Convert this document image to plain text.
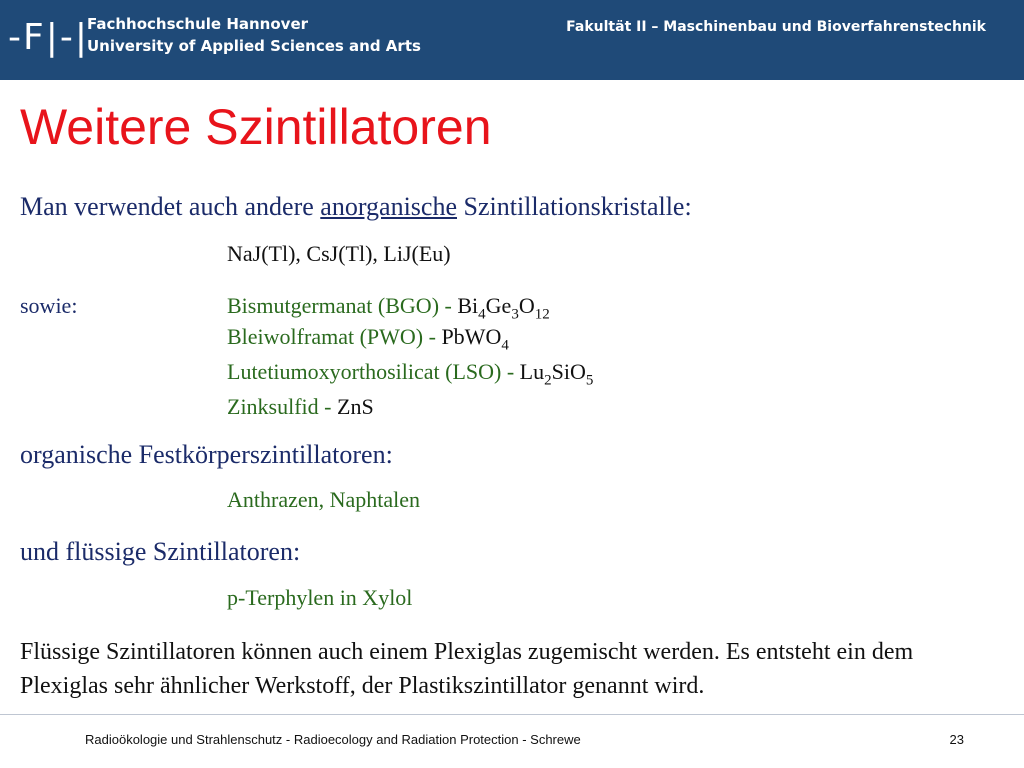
-F|-|
Fachhochschule Hannover
University of Applied Sciences and Arts
Fakultät II – Maschinenbau und Bioverfahrenstechnik
Weitere Szintillatoren
Man verwendet auch andere anorganische Szintillationskristalle:
NaJ(Tl), CsJ(Tl), LiJ(Eu)
sowie:	Bismutgermanat $(BGO) - Bi_4Ge_3O_{12}$
Bleiwolframat (PWO) - PbWO$_4$
Lutetiumoxyorthosilicat $(LSO) - Lu_2SiO_5$
Zinksulfid - ZnS
organische Festkörperszintillatoren:
Anthrazen, Naphtalen
und flüssige Szintillatoren:
p-Terphylen in Xylol
Flüssige Szintillatoren können auch einem Plexiglas zugemischt werden. Es entsteht ein dem Plexiglas sehr ähnlicher Werkstoff, der Plastikszintillator genannt wird.
Radioökologie und Strahlenschutz - Radioecology and Radiation Protection - Schrewe	23
